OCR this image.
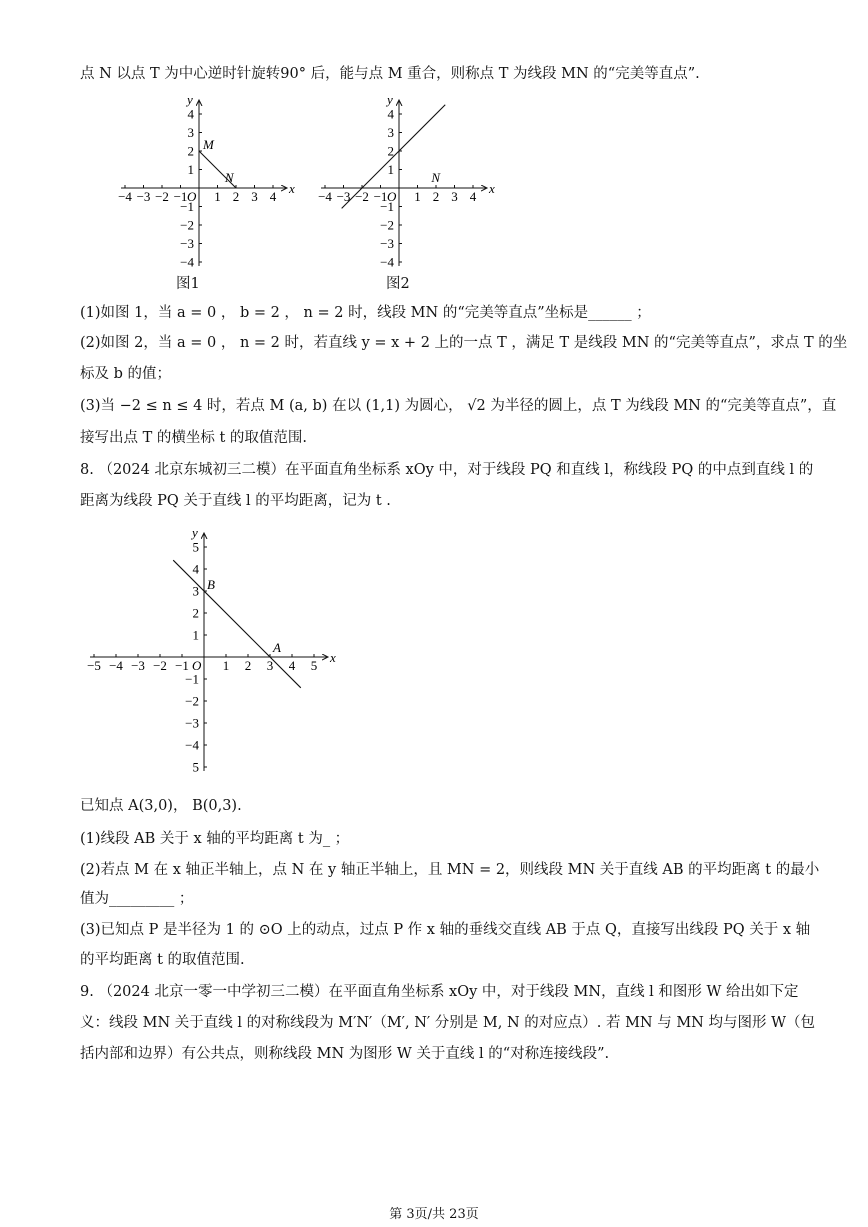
点 N 以点 T 为中心逆时针旋转90° 后，能与点 M 重合，则称点 T 为线段 MN 的“完美等直点”.
x
y
O
−4 −3 −2 −1 1 2 3 4
4
3
2
1
−1
−2
−3
−4
M
N
图1
x
y
O
−4 −3 −2 −1 1 2 3 4
4
3
2
1
−1
−2
−3
−4
N
图2
(1)如图 1，当 a = 0 ， b = 2 ， n = 2 时，线段 MN 的“完美等直点”坐标是______ ；
(2)如图 2，当 a = 0 ， n = 2 时，若直线 y = x + 2 上的一点 T ，满足 T 是线段 MN 的“完美等直点”，求点 T 的坐
标及 b 的值；
(3)当 −2 ≤ n ≤ 4 时，若点 M (a, b) 在以 (1,1) 为圆心， √2 为半径的圆上，点 T 为线段 MN 的“完美等直点”，直
接写出点 T 的横坐标 t 的取值范围.
8. （2024 北京东城初三二模）在平面直角坐标系 xOy 中，对于线段 PQ 和直线 l，称线段 PQ 的中点到直线 l 的
距离为线段 PQ 关于直线 l 的平均距离，记为 t .
x
y
O
−5 −4 −3 −2 −1	1 2 3 4 5
5
4
3
2
1
−1
−2
−3
−4
5
B
A
已知点 A(3,0)， B(0,3).
(1)线段 AB 关于 x 轴的平均距离 t 为_ ；
(2)若点 M 在 x 轴正半轴上，点 N 在 y 轴正半轴上，且 MN = 2，则线段 MN 关于直线 AB 的平均距离 t 的最小
值为_________ ；
(3)已知点 P 是半径为 1 的 ⊙O 上的动点，过点 P 作 x 轴的垂线交直线 AB 于点 Q，直接写出线段 PQ 关于 x 轴
的平均距离 t 的取值范围.
9. （2024 北京一零一中学初三二模）在平面直角坐标系 xOy 中，对于线段 MN，直线 l 和图形 W 给出如下定
义：线段 MN 关于直线 l 的对称线段为 M′N′（M′, N′ 分别是 M, N 的对应点）. 若 MN 与 MN 均与图形 W（包
括内部和边界）有公共点，则称线段 MN 为图形 W 关于直线 l 的“对称连接线段”.
第 3页/共 23页
